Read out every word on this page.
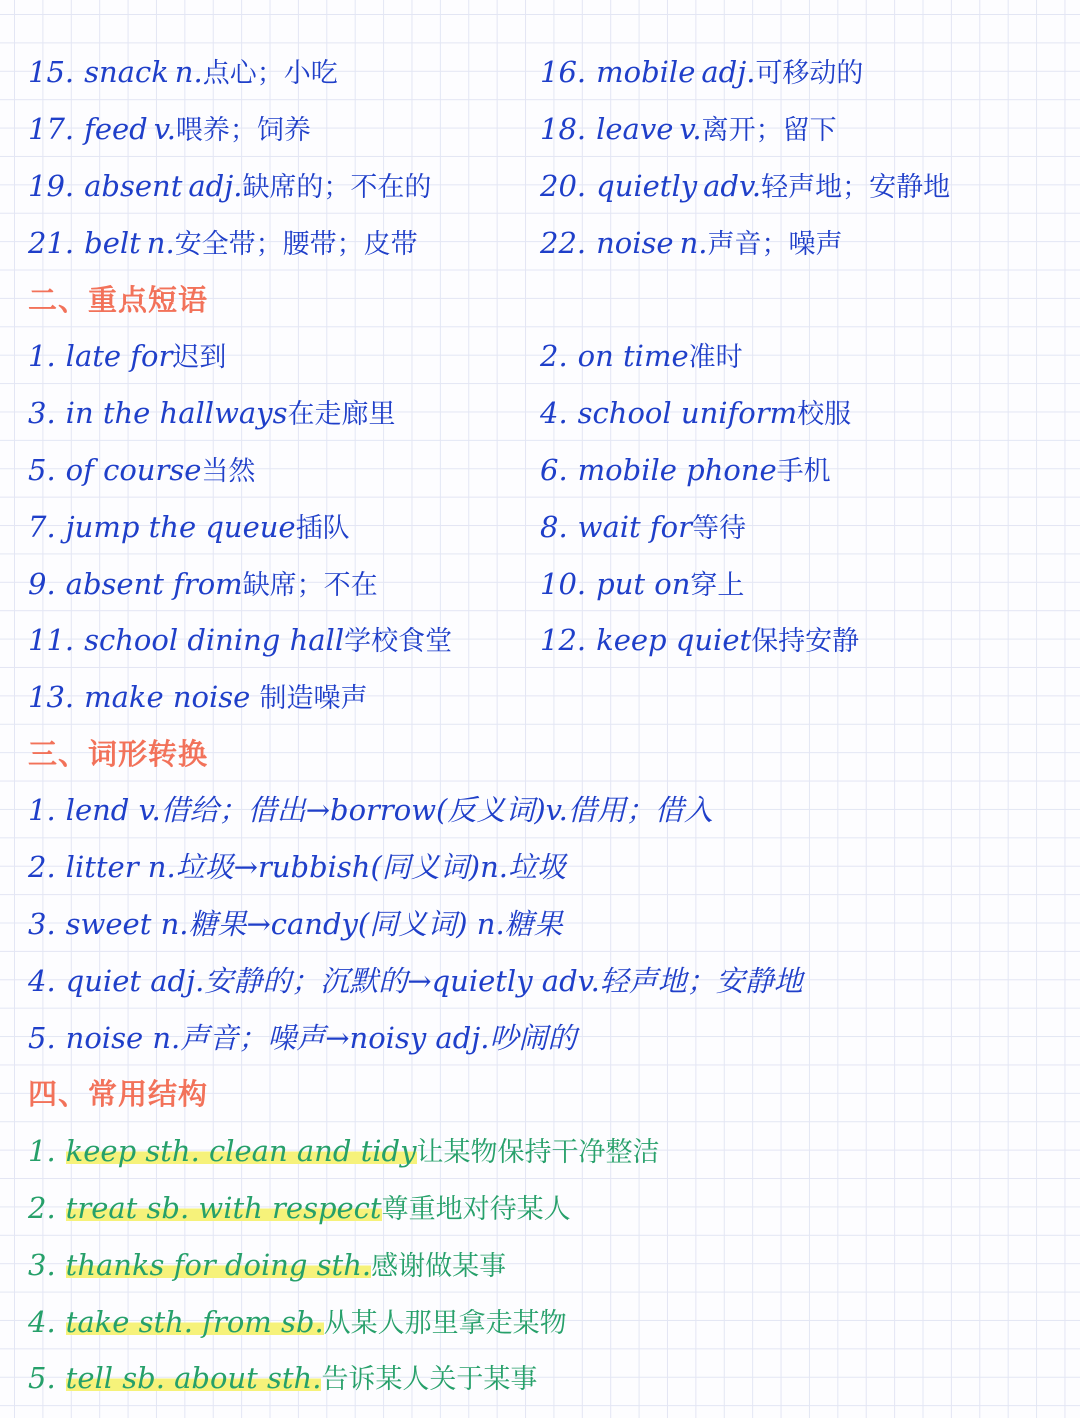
15. snack n.点心；小吃	16. mobile adj.可移动的
17. feed v.喂养；饲养	18. leave v.离开；留下
19. absent adj.缺席的；不在的	20. quietly adv.轻声地；安静地
21. belt n.安全带；腰带；皮带	22. noise n.声音；噪声
二、重点短语
1. late for迟到	2. on time准时
3. in the hallways在走廊里	4. school uniform校服
5. of course当然	6. mobile phone手机
7. jump the queue插队	8. wait for等待
9. absent from缺席；不在	10. put on穿上
11. school dining hall学校食堂	12. keep quiet保持安静
13. make noise 制造噪声
三、词形转换
1. lend v.借给；借出→borrow(反义词)v.借用；借入
2. litter n.垃圾→rubbish(同义词)n.垃圾
3. sweet n.糖果→candy(同义词) n.糖果
4. quiet adj.安静的；沉默的→quietly adv.轻声地；安静地
5. noise n.声音；噪声→noisy adj.吵闹的
四、常用结构
1. keep sth. clean and tidy让某物保持干净整洁
2. treat sb. with respect尊重地对待某人
3. thanks for doing sth.感谢做某事
4. take sth. from sb.从某人那里拿走某物
5. tell sb. about sth.告诉某人关于某事
